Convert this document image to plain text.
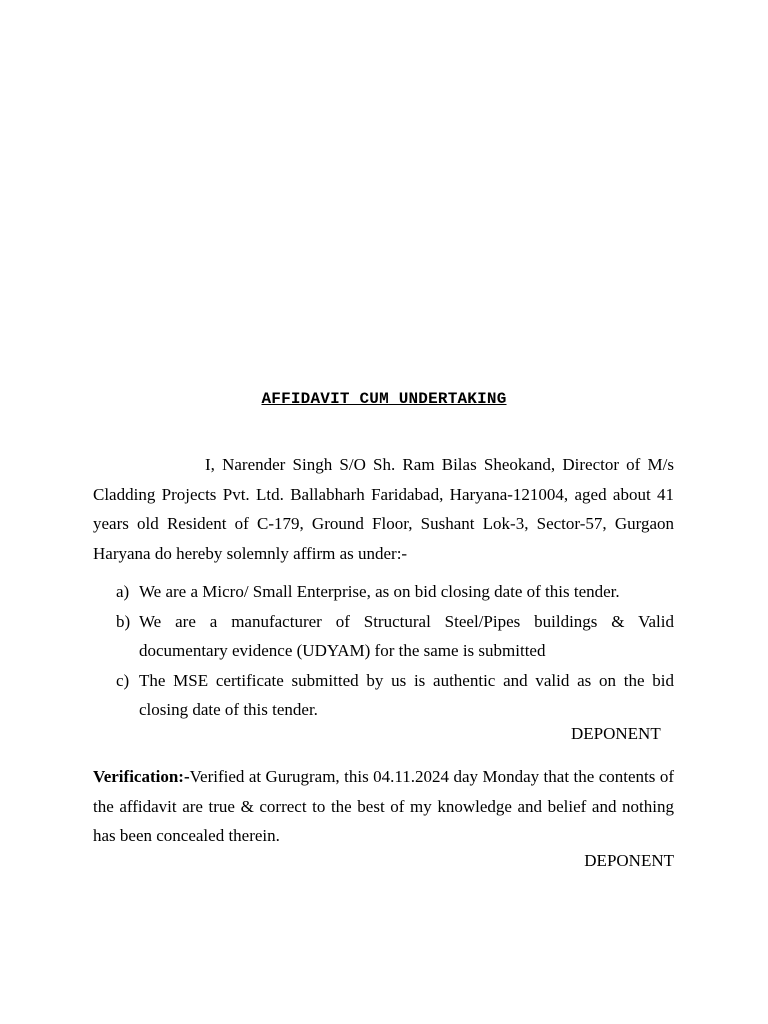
AFFIDAVIT CUM UNDERTAKING

I, Narender Singh S/O Sh. Ram Bilas Sheokand, Director of M/s Cladding Projects Pvt. Ltd. Ballabharh Faridabad, Haryana-121004, aged about 41 years old Resident of C-179, Ground Floor, Sushant Lok-3, Sector-57, Gurgaon Haryana do hereby solemnly affirm as under:-

a) We are a Micro/ Small Enterprise, as on bid closing date of this tender.
b) We are a manufacturer of Structural Steel/Pipes buildings & Valid documentary evidence (UDYAM) for the same is submitted
c) The MSE certificate submitted by us is authentic and valid as on the bid closing date of this tender.
DEPONENT

Verification:-Verified at Gurugram, this 04.11.2024 day Monday that the contents of the affidavit are true & correct to the best of my knowledge and belief and nothing has been concealed therein.

DEPONENT
